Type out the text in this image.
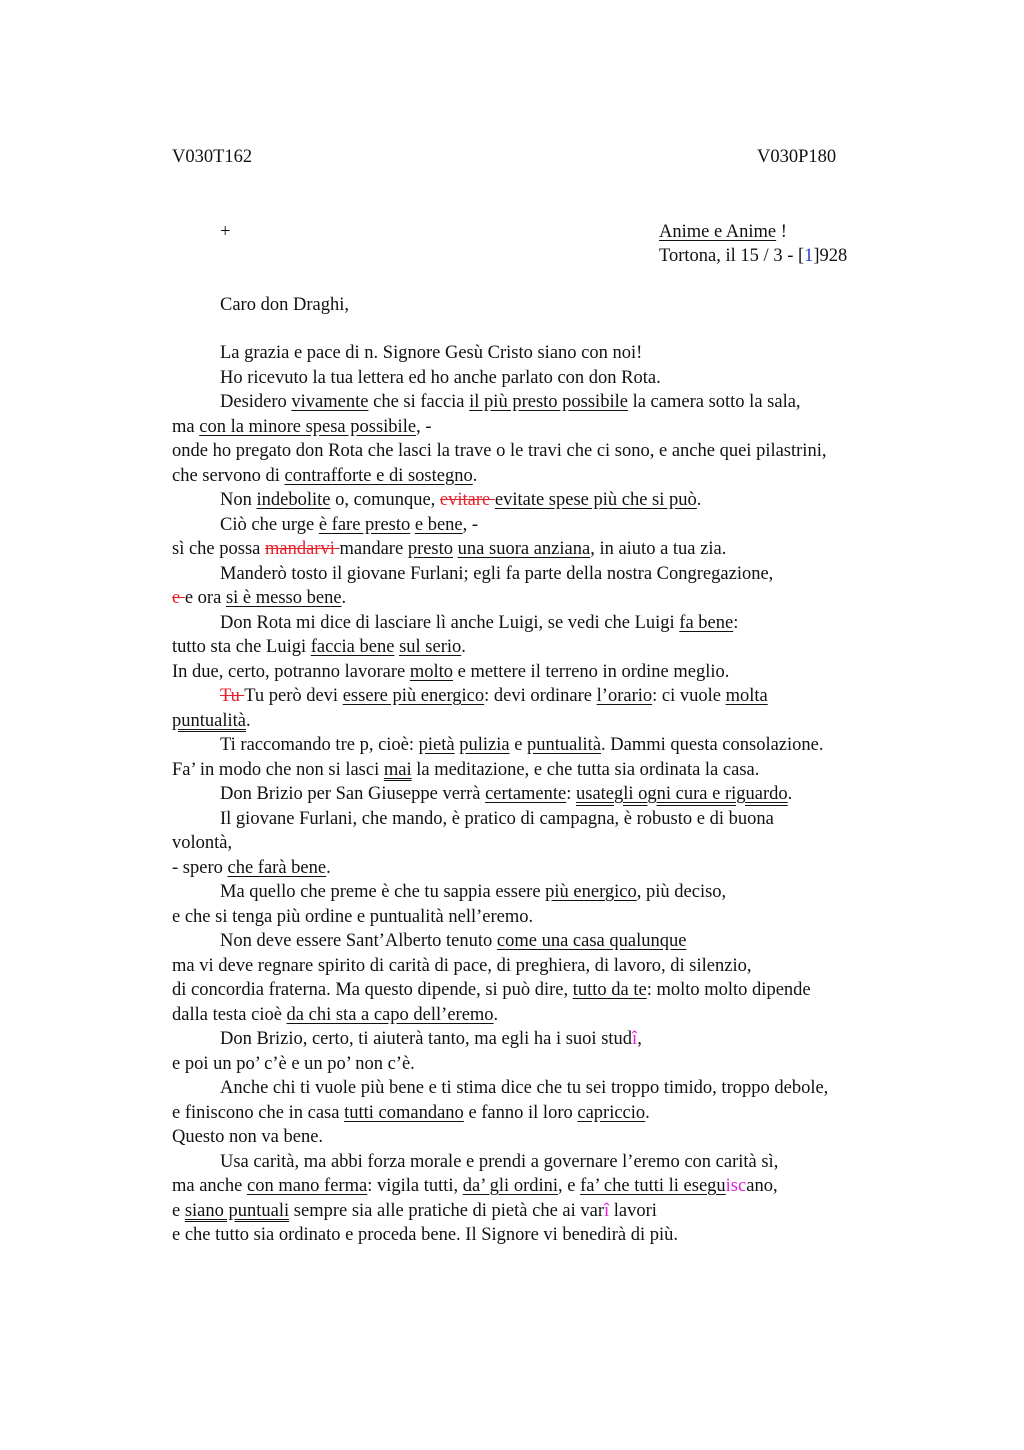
V030T162	V030P180
+	Anime e Anime !
Tortona, il 15 / 3 - [1]928
Caro don Draghi,
La grazia e pace di n. Signore Gesù Cristo siano con noi!
Ho ricevuto la tua lettera ed ho anche parlato con don Rota.
Desidero vivamente che si faccia il più presto possibile la camera sotto la sala,
ma con la minore spesa possibile, -
onde ho pregato don Rota che lasci la trave o le travi che ci sono, e anche quei pilastrini,
che servono di contrafforte e di sostegno.
Non indebolite o, comunque, evitare evitate spese più che si può.
Ciò che urge è fare presto e bene, -
sì che possa mandarvi mandare presto una suora anziana, in aiuto a tua zia.
Manderò tosto il giovane Furlani; egli fa parte della nostra Congregazione,
e e ora si è messo bene.
Don Rota mi dice di lasciare lì anche Luigi, se vedi che Luigi fa bene:
tutto sta che Luigi faccia bene sul serio.
In due, certo, potranno lavorare molto e mettere il terreno in ordine meglio.
Tu Tu però devi essere più energico: devi ordinare l’orario: ci vuole molta
puntualità.
Ti raccomando tre p, cioè: pietà pulizia e puntualità. Dammi questa consolazione.
Fa’ in modo che non si lasci mai la meditazione, e che tutta sia ordinata la casa.
Don Brizio per San Giuseppe verrà certamente: usategli ogni cura e riguardo.
Il giovane Furlani, che mando, è pratico di campagna, è robusto e di buona
volontà,
- spero che farà bene.
Ma quello che preme è che tu sappia essere più energico, più deciso,
e che si tenga più ordine e puntualità nell’eremo.
Non deve essere Sant’Alberto tenuto come una casa qualunque
ma vi deve regnare spirito di carità di pace, di preghiera, di lavoro, di silenzio,
di concordia fraterna. Ma questo dipende, si può dire, tutto da te: molto molto dipende
dalla testa cioè da chi sta a capo dell’eremo.
Don Brizio, certo, ti aiuterà tanto, ma egli ha i suoi studî,
e poi un po’ c’è e un po’ non c’è.
Anche chi ti vuole più bene e ti stima dice che tu sei troppo timido, troppo debole,
e finiscono che in casa tutti comandano e fanno il loro capriccio.
Questo non va bene.
Usa carità, ma abbi forza morale e prendi a governare l’eremo con carità sì,
ma anche con mano ferma: vigila tutti, da’ gli ordini, e fa’ che tutti li eseguiscano,
e siano puntuali sempre sia alle pratiche di pietà che ai varî lavori
e che tutto sia ordinato e proceda bene. Il Signore vi benedirà di più.
